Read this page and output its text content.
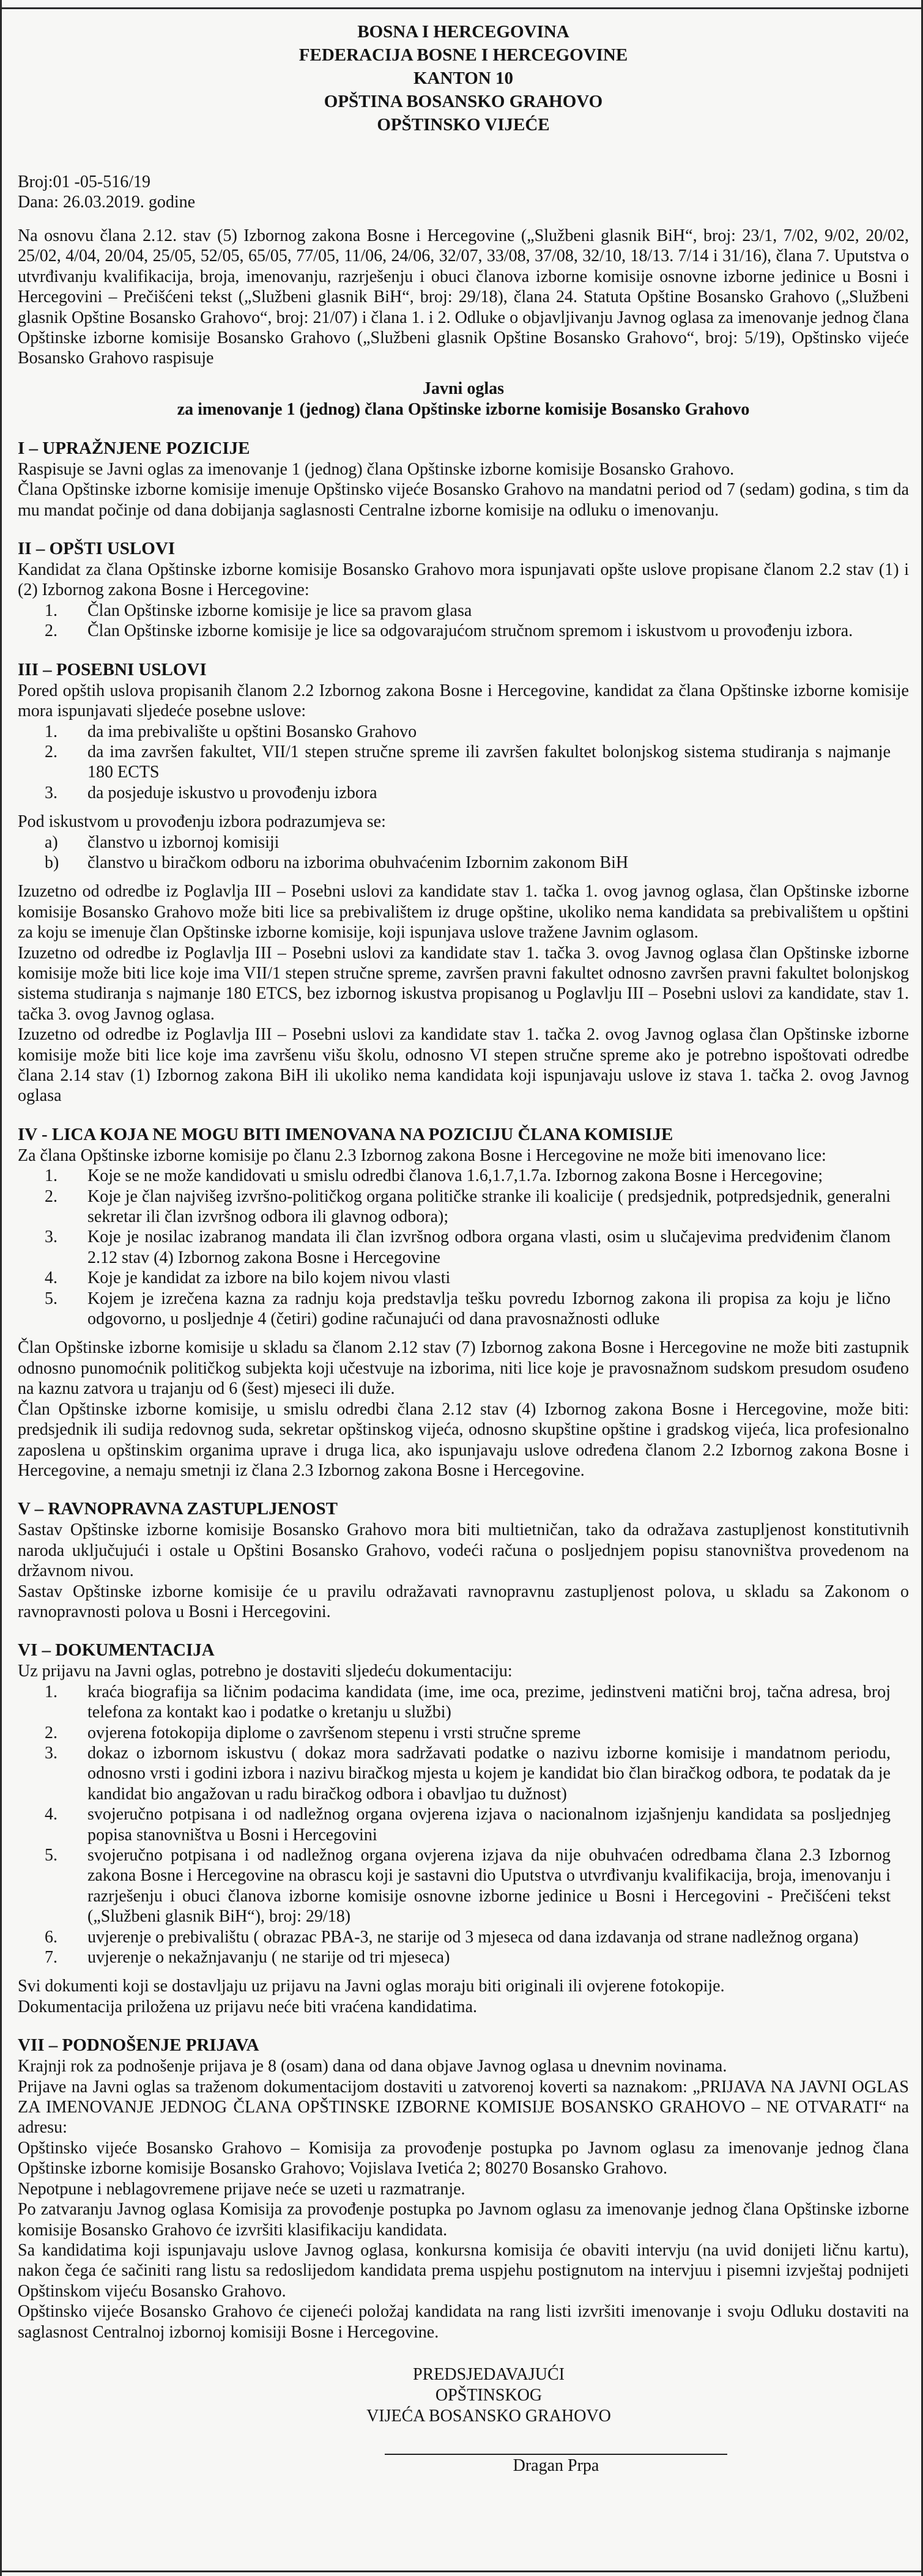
BOSNA I HERCEGOVINA
FEDERACIJA BOSNE I HERCEGOVINE
KANTON 10
OPŠTINA BOSANSKO GRAHOVO
OPŠTINSKO VIJEĆE
Broj:01 -05-516/19
Dana: 26.03.2019. godine

Na osnovu člana 2.12. stav (5) Izbornog zakona Bosne i Hercegovine („Službeni glasnik BiH“, broj: 23/1, 7/02, 9/02, 20/02, 25/02, 4/04, 20/04, 25/05, 52/05, 65/05, 77/05, 11/06, 24/06, 32/07, 33/08, 37/08, 32/10, 18/13. 7/14 i 31/16), člana 7. Uputstva o utvrđivanju kvalifikacija, broja, imenovanju, razrješenju i obuci članova izborne komisije osnovne izborne jedinice u Bosni i Hercegovini – Prečišćeni tekst („Službeni glasnik BiH“, broj: 29/18), člana 24. Statuta Opštine Bosansko Grahovo („Službeni glasnik Opštine Bosansko Grahovo“, broj: 21/07) i člana 1. i 2. Odluke o objavljivanju Javnog oglasa za imenovanje jednog člana Opštinske izborne komisije Bosansko Grahovo („Službeni glasnik Opštine Bosansko Grahovo“, broj: 5/19), Opštinsko vijeće Bosansko Grahovo raspisuje

Javni oglas
za imenovanje 1 (jednog) člana Opštinske izborne komisije Bosansko Grahovo
I – UPRAŽNJENE POZICIJE

Raspisuje se Javni oglas za imenovanje 1 (jednog) člana Opštinske izborne komisije Bosansko Grahovo.

Člana Opštinske izborne komisije imenuje Opštinsko vijeće Bosansko Grahovo na mandatni period od 7 (sedam) godina, s tim da mu mandat počinje od dana dobijanja saglasnosti Centralne izborne komisije na odluku o imenovanju.

II – OPŠTI USLOVI

Kandidat za člana Opštinske izborne komisije Bosansko Grahovo mora ispunjavati opšte uslove propisane članom 2.2 stav (1) i (2) Izbornog zakona Bosne i Hercegovine:

1.	Član Opštinske izborne komisije je lice sa pravom glasa
2.	Član Opštinske izborne komisije je lice sa odgovarajućom stručnom spremom i iskustvom u provođenju izbora.
III – POSEBNI USLOVI

Pored opštih uslova propisanih članom 2.2 Izbornog zakona Bosne i Hercegovine, kandidat za člana Opštinske izborne komisije mora ispunjavati sljedeće posebne uslove:

1.	da ima prebivalište u opštini Bosansko Grahovo
2.	da ima završen fakultet, VII/1 stepen stručne spreme ili završen fakultet bolonjskog sistema studiranja s najmanje 180 ECTS
3.	da posjeduje iskustvo u provođenju izbora

Pod iskustvom u provođenju izbora podrazumjeva se:

a)	članstvo u izbornoj komisiji
b)	članstvo u biračkom odboru na izborima obuhvaćenim Izbornim zakonom BiH

Izuzetno od odredbe iz Poglavlja III – Posebni uslovi za kandidate stav 1. tačka 1. ovog javnog oglasa, član Opštinske izborne komisije Bosansko Grahovo može biti lice sa prebivalištem iz druge opštine, ukoliko nema kandidata sa prebivalištem u opštini za koju se imenuje član Opštinske izborne komisije, koji ispunjava uslove tražene Javnim oglasom.

Izuzetno od odredbe iz Poglavlja III – Posebni uslovi za kandidate stav 1. tačka 3. ovog Javnog oglasa član Opštinske izborne komisije može biti lice koje ima VII/1 stepen stručne spreme, završen pravni fakultet odnosno završen pravni fakultet bolonjskog sistema studiranja s najmanje 180 ETCS, bez izbornog iskustva propisanog u Poglavlju III – Posebni uslovi za kandidate, stav 1. tačka 3. ovog Javnog oglasa.

Izuzetno od odredbe iz Poglavlja III – Posebni uslovi za kandidate stav 1. tačka 2. ovog Javnog oglasa član Opštinske izborne komisije može biti lice koje ima završenu višu školu, odnosno VI stepen stručne spreme ako je potrebno ispoštovati odredbe člana 2.14 stav (1) Izbornog zakona BiH ili ukoliko nema kandidata koji ispunjavaju uslove iz stava 1. tačka 2. ovog Javnog oglasa

IV - LICA KOJA NE MOGU BITI IMENOVANA NA POZICIJU ČLANA KOMISIJE

Za člana Opštinske izborne komisije po članu 2.3 Izbornog zakona Bosne i Hercegovine ne može biti imenovano lice:

1.	Koje se ne može kandidovati u smislu odredbi članova 1.6,1.7,1.7a. Izbornog zakona Bosne i Hercegovine;
2.	Koje je član najvišeg izvršno-političkog organa političke stranke ili koalicije ( predsjednik, potpredsjednik, generalni sekretar ili član izvršnog odbora ili glavnog odbora);
3.	Koje je nosilac izabranog mandata ili član izvršnog odbora organa vlasti, osim u slučajevima predviđenim članom 2.12 stav (4) Izbornog zakona Bosne i Hercegovine
4.	Koje je kandidat za izbore na bilo kojem nivou vlasti
5.	Kojem je izrečena kazna za radnju koja predstavlja tešku povredu Izbornog zakona ili propisa za koju je lično odgovorno, u posljednje 4 (četiri) godine računajući od dana pravosnažnosti odluke

Član Opštinske izborne komisije u skladu sa članom 2.12 stav (7) Izbornog zakona Bosne i Hercegovine ne može biti zastupnik odnosno punomoćnik političkog subjekta koji učestvuje na izborima, niti lice koje je pravosnažnom sudskom presudom osuđeno na kaznu zatvora u trajanju od 6 (šest) mjeseci ili duže.

Član Opštinske izborne komisije, u smislu odredbi člana 2.12 stav (4) Izbornog zakona Bosne i Hercegovine, može biti: predsjednik ili sudija redovnog suda, sekretar opštinskog vijeća, odnosno skupštine opštine i gradskog vijeća, lica profesionalno zaposlena u opštinskim organima uprave i druga lica, ako ispunjavaju uslove određena članom 2.2 Izbornog zakona Bosne i Hercegovine, a nemaju smetnji iz člana 2.3 Izbornog zakona Bosne i Hercegovine.

V – RAVNOPRAVNA ZASTUPLJENOST

Sastav Opštinske izborne komisije Bosansko Grahovo mora biti multietničan, tako da odražava zastupljenost konstitutivnih naroda uključujući i ostale u Opštini Bosansko Grahovo, vodeći računa o posljednjem popisu stanovništva provedenom na državnom nivou.

Sastav Opštinske izborne komisije će u pravilu odražavati ravnopravnu zastupljenost polova, u skladu sa Zakonom o ravnopravnosti polova u Bosni i Hercegovini.

VI – DOKUMENTACIJA

Uz prijavu na Javni oglas, potrebno je dostaviti sljedeću dokumentaciju:

1.	kraća biografija sa ličnim podacima kandidata (ime, ime oca, prezime, jedinstveni matični broj, tačna adresa, broj telefona za kontakt kao i podatke o kretanju u službi)
2.	ovjerena fotokopija diplome o završenom stepenu i vrsti stručne spreme
3.	dokaz o izbornom iskustvu ( dokaz mora sadržavati podatke o nazivu izborne komisije i mandatnom periodu, odnosno vrsti i godini izbora i nazivu biračkog mjesta u kojem je kandidat bio član biračkog odbora, te podatak da je kandidat bio angažovan u radu biračkog odbora i obavljao tu dužnost)
4.	svojeručno potpisana i od nadležnog organa ovjerena izjava o nacionalnom izjašnjenju kandidata sa posljednjeg popisa stanovništva u Bosni i Hercegovini
5.	svojeručno potpisana i od nadležnog organa ovjerena izjava da nije obuhvaćen odredbama člana 2.3 Izbornog zakona Bosne i Hercegovine na obrascu koji je sastavni dio Uputstva o utvrđivanju kvalifikacija, broja, imenovanju i razrješenju i obuci članova izborne komisije osnovne izborne jedinice u Bosni i Hercegovini - Prečišćeni tekst („Službeni glasnik BiH“), broj: 29/18)
6.	uvjerenje o prebivalištu ( obrazac PBA-3, ne starije od 3 mjeseca od dana izdavanja od strane nadležnog organa)
7.	uvjerenje o nekažnjavanju ( ne starije od tri mjeseca)

Svi dokumenti koji se dostavljaju uz prijavu na Javni oglas moraju biti originali ili ovjerene fotokopije.

Dokumentacija priložena uz prijavu neće biti vraćena kandidatima.

VII – PODNOŠENJE PRIJAVA

Krajnji rok za podnošenje prijava je 8 (osam) dana od dana objave Javnog oglasa u dnevnim novinama.

Prijave na Javni oglas sa traženom dokumentacijom dostaviti u zatvorenoj koverti sa naznakom: „PRIJAVA NA JAVNI OGLAS ZA IMENOVANJE JEDNOG ČLANA OPŠTINSKE IZBORNE KOMISIJE BOSANSKO GRAHOVO – NE OTVARATI“ na adresu:

Opštinsko vijeće Bosansko Grahovo – Komisija za provođenje postupka po Javnom oglasu za imenovanje jednog člana Opštinske izborne komisije Bosansko Grahovo; Vojislava Ivetića 2; 80270 Bosansko Grahovo.

Nepotpune i neblagovremene prijave neće se uzeti u razmatranje.

Po zatvaranju Javnog oglasa Komisija za provođenje postupka po Javnom oglasu za imenovanje jednog člana Opštinske izborne komisije Bosansko Grahovo će izvršiti klasifikaciju kandidata.

Sa kandidatima koji ispunjavaju uslove Javnog oglasa, konkursna komisija će obaviti intervju (na uvid donijeti ličnu kartu), nakon čega će sačiniti rang listu sa redoslijedom kandidata prema uspjehu postignutom na intervjuu i pisemni izvještaj podnijeti Opštinskom vijeću Bosansko Grahovo.

Opštinsko vijeće Bosansko Grahovo će cijeneći položaj kandidata na rang listi izvršiti imenovanje i svoju Odluku dostaviti na saglasnost Centralnoj izbornoj komisiji Bosne i Hercegovine.

PREDSJEDAVAJUĆI OPŠTINSKOG
VIJEĆA BOSANSKO GRAHOVO
Dragan Prpa
